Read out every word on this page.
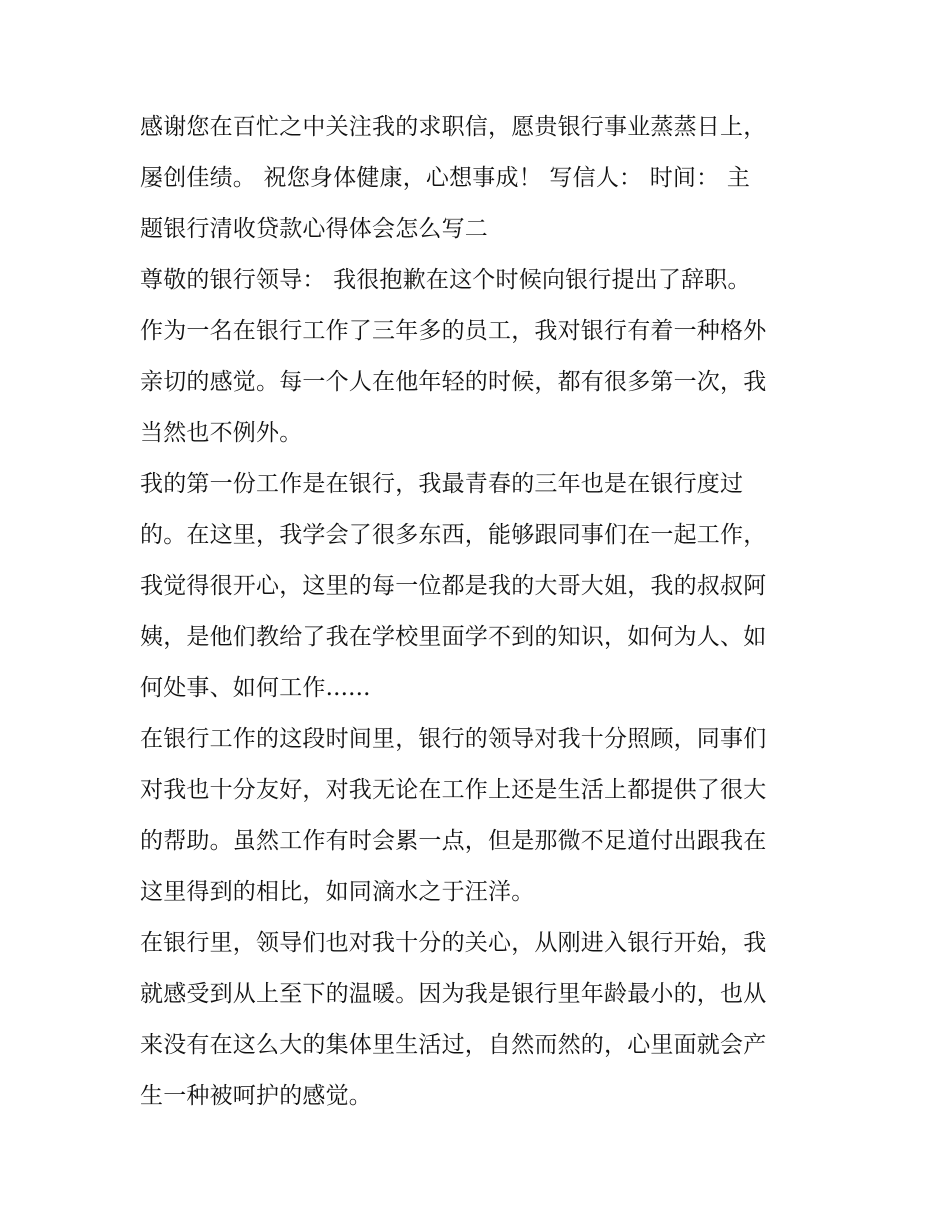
感谢您在百忙之中关注我的求职信，愿贵银行事业蒸蒸日上，
屡创佳绩。 祝您身体健康，心想事成！ 写信人： 时间： 主
题银行清收贷款心得体会怎么写二
尊敬的银行领导： 我很抱歉在这个时候向银行提出了辞职。
作为一名在银行工作了三年多的员工，我对银行有着一种格外
亲切的感觉。每一个人在他年轻的时候，都有很多第一次，我
当然也不例外。
我的第一份工作是在银行，我最青春的三年也是在银行度过
的。在这里，我学会了很多东西，能够跟同事们在一起工作，
我觉得很开心，这里的每一位都是我的大哥大姐，我的叔叔阿
姨，是他们教给了我在学校里面学不到的知识，如何为人、如
何处事、如何工作......
在银行工作的这段时间里，银行的领导对我十分照顾，同事们
对我也十分友好，对我无论在工作上还是生活上都提供了很大
的帮助。虽然工作有时会累一点，但是那微不足道付出跟我在
这里得到的相比，如同滴水之于汪洋。
在银行里，领导们也对我十分的关心，从刚进入银行开始，我
就感受到从上至下的温暖。因为我是银行里年龄最小的，也从
来没有在这么大的集体里生活过，自然而然的，心里面就会产
生一种被呵护的感觉。
